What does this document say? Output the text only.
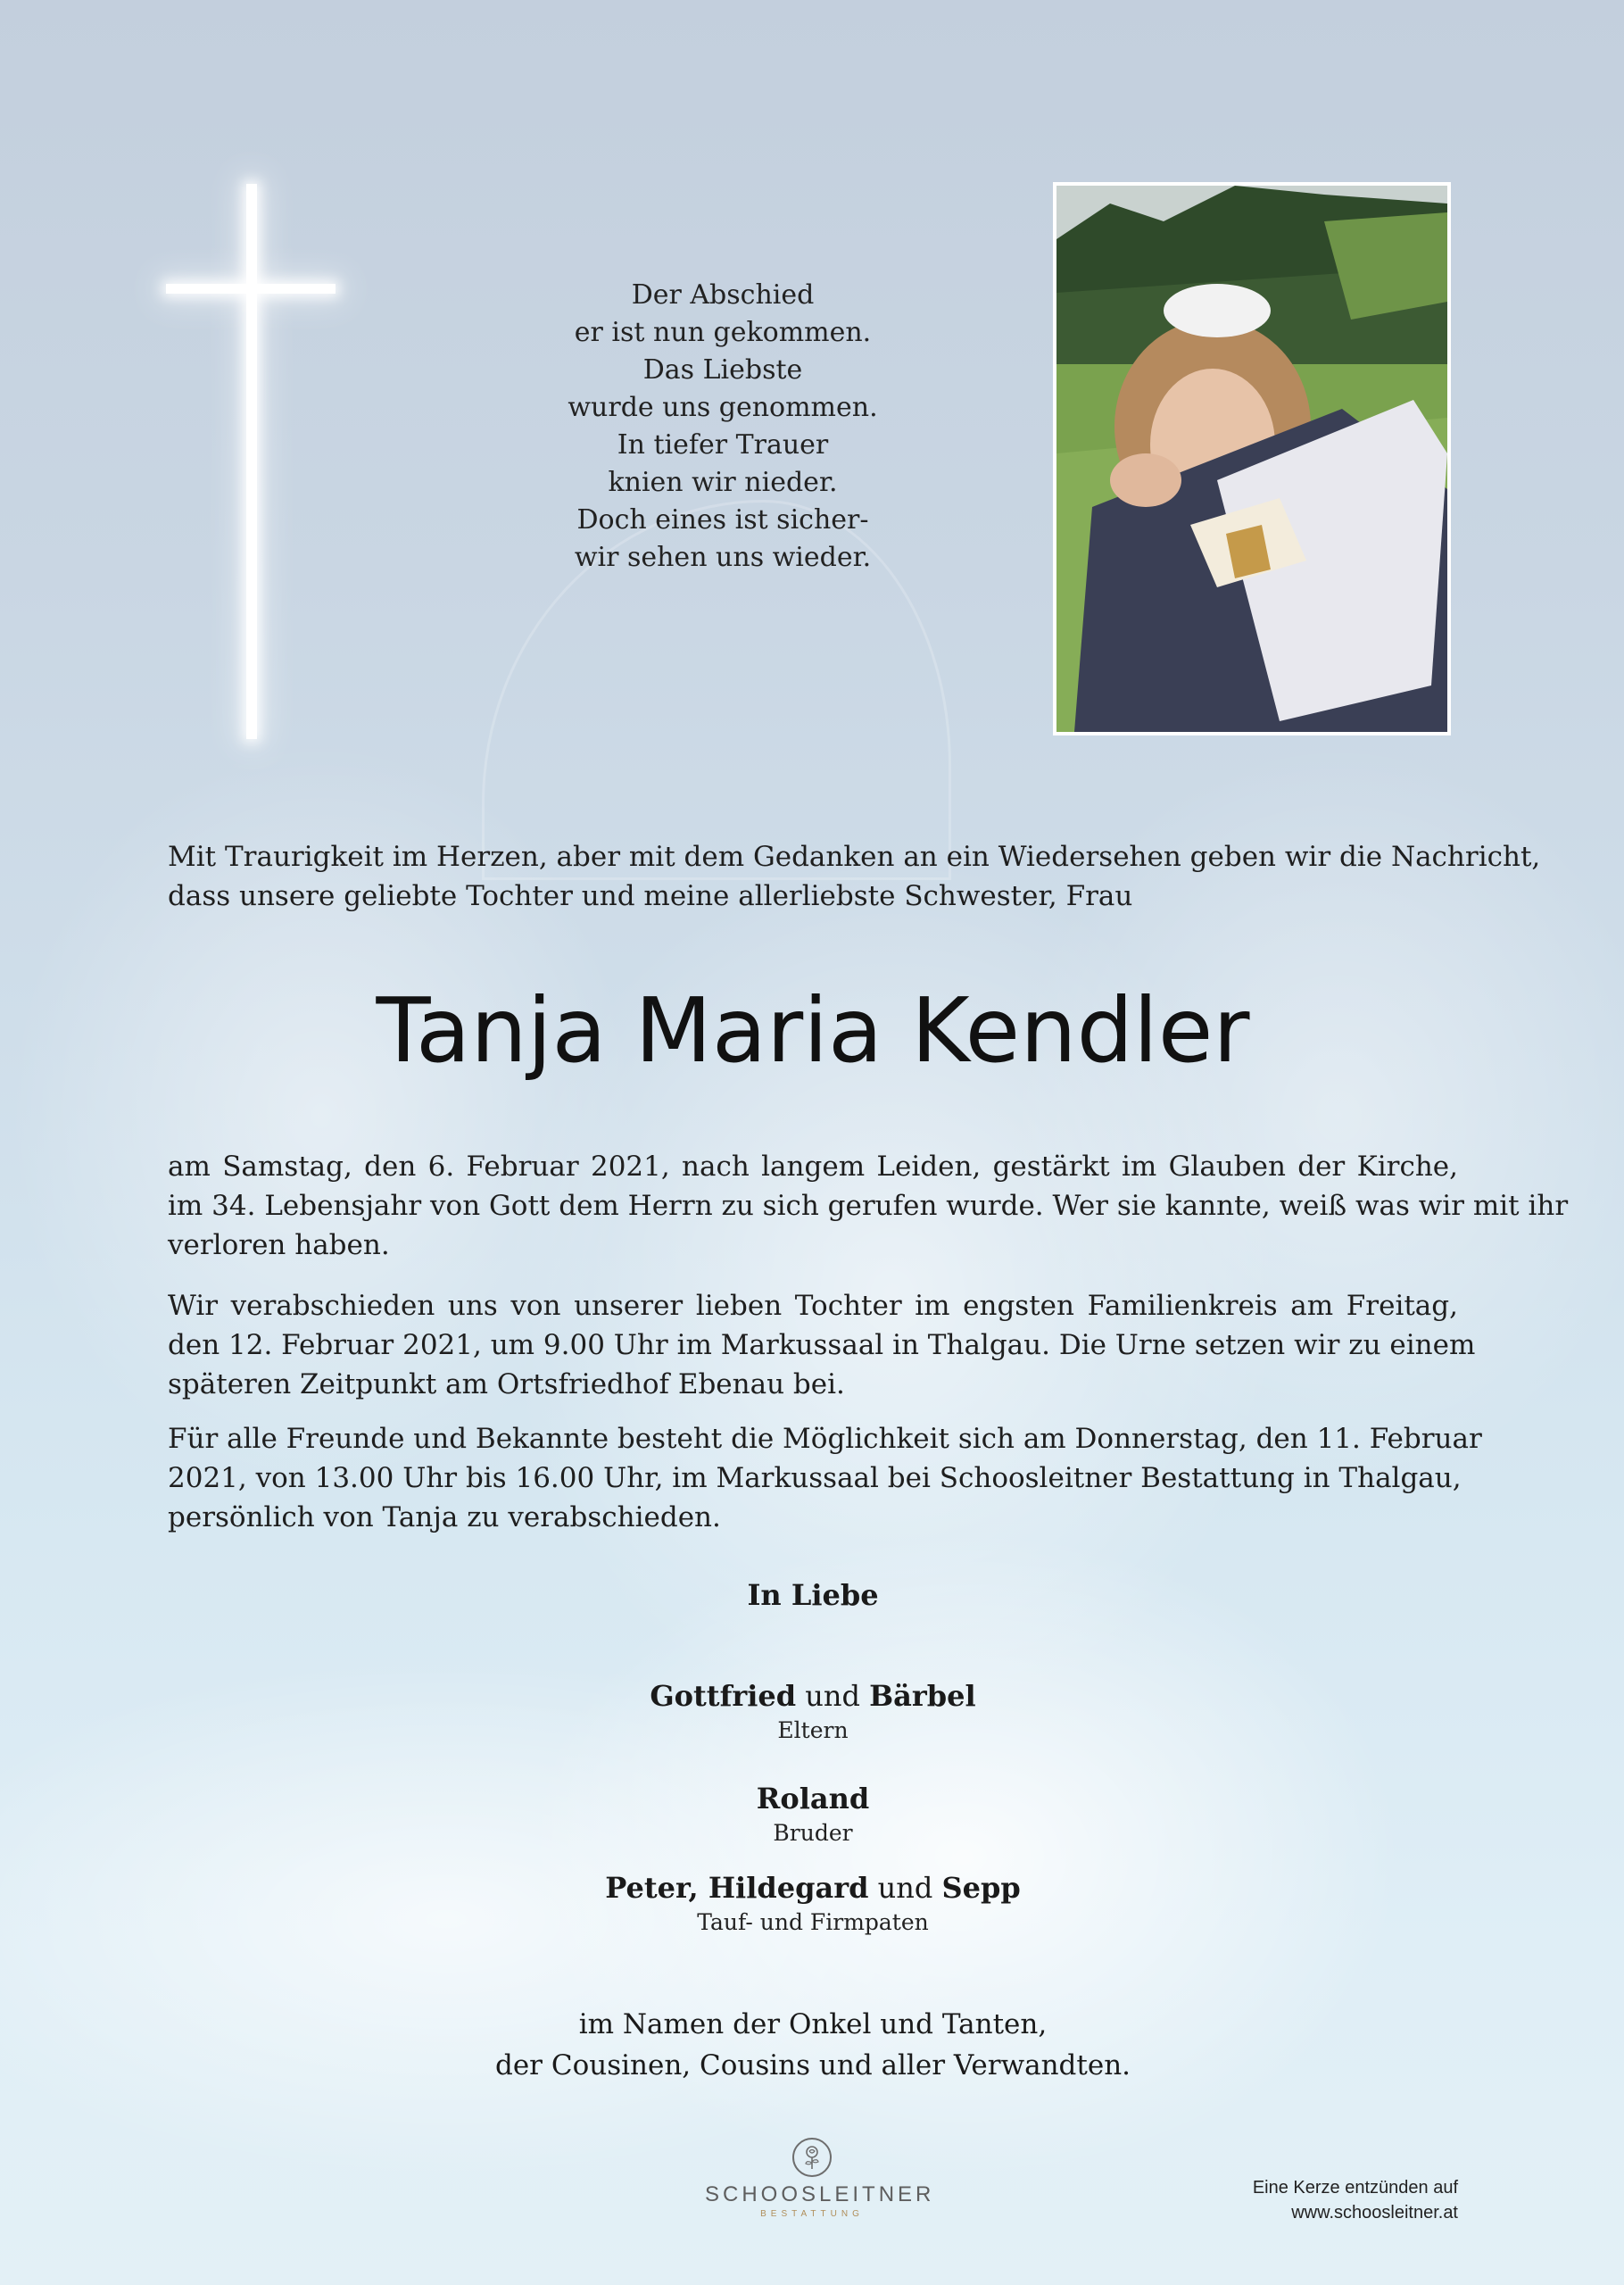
Der Abschied
er ist nun gekommen.
Das Liebste
wurde uns genommen.
In tiefer Trauer
knien wir nieder.
Doch eines ist sicher-
wir sehen uns wieder.
Mit Traurigkeit im Herzen, aber mit dem Gedanken an ein Wiedersehen geben wir die Nachricht,
dass unsere geliebte Tochter und meine allerliebste Schwester, Frau
Tanja Maria Kendler
am Samstag, den 6. Februar 2021, nach langem Leiden, gestärkt im Glauben der Kirche,
im 34. Lebensjahr von Gott dem Herrn zu sich gerufen wurde. Wer sie kannte, weiß was wir mit ihr
verloren haben.
Wir verabschieden uns von unserer lieben Tochter im engsten Familienkreis am Freitag,
den 12. Februar 2021, um 9.00 Uhr im Markussaal in Thalgau. Die Urne setzen wir zu einem
späteren Zeitpunkt am Ortsfriedhof Ebenau bei.
Für alle Freunde und Bekannte besteht die Möglichkeit sich am Donnerstag, den 11. Februar
2021, von 13.00 Uhr bis 16.00 Uhr, im Markussaal bei Schoosleitner Bestattung in Thalgau,
persönlich von Tanja zu verabschieden.
In Liebe
Gottfried und Bärbel
Eltern
Roland
Bruder
Peter, Hildegard und Sepp
Tauf- und Firmpaten
im Namen der Onkel und Tanten,
der Cousinen, Cousins und aller Verwandten.
SCHOOSLEITNER
BESTATTUNG
Eine Kerze entzünden auf
www.schoosleitner.at
